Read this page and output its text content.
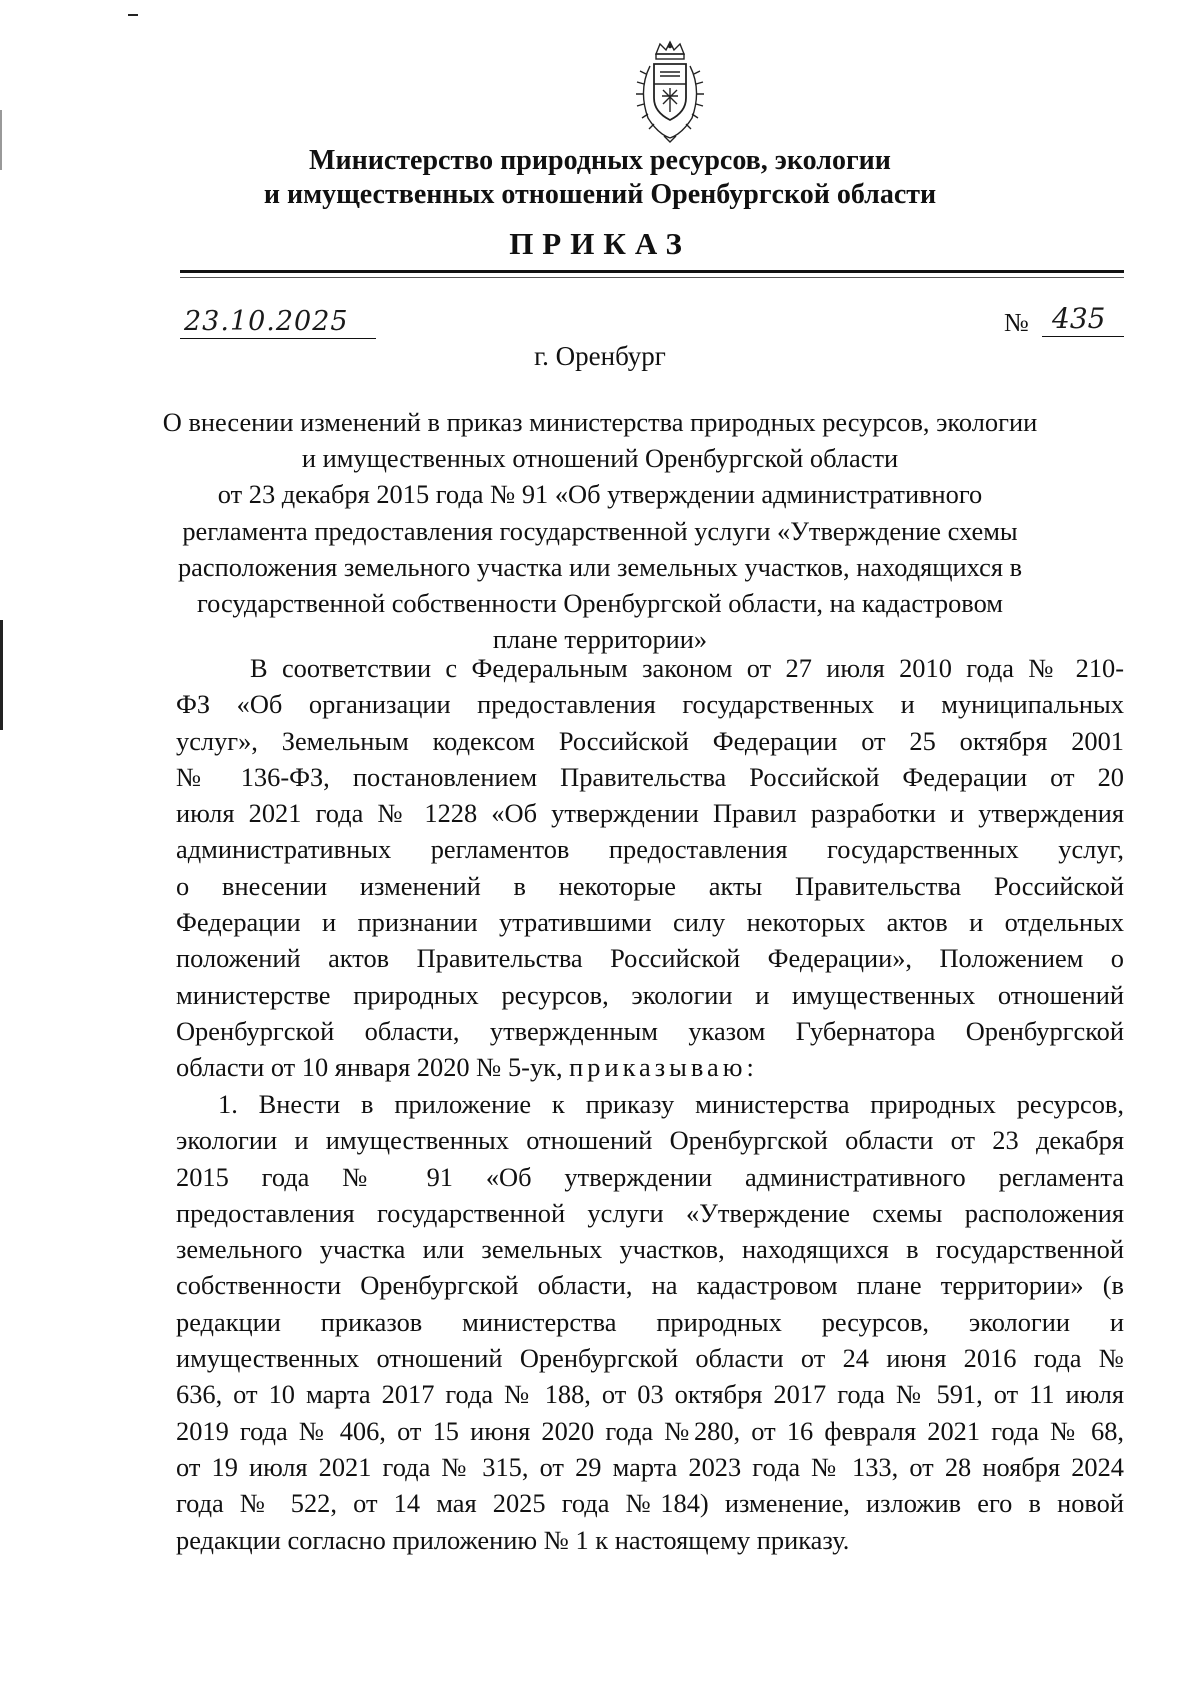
Министерство природных ресурсов, экологии
и имущественных отношений Оренбургской области
ПРИКАЗ
23.10.2025	№ 435
г. Оренбург
О внесении изменений в приказ министерства природных ресурсов, экологии
и имущественных отношений Оренбургской области
от 23 декабря 2015 года № 91 «Об утверждении административного
регламента предоставления государственной услуги «Утверждение схемы
расположения земельного участка или земельных участков, находящихся в
государственной собственности Оренбургской области, на кадастровом
плане территории»
В соответствии с Федеральным законом от 27 июля 2010 года № 210-
ФЗ «Об организации предоставления государственных и муниципальных
услуг», Земельным кодексом Российской Федерации от 25 октября 2001
№ 136-ФЗ, постановлением Правительства Российской Федерации от 20
июля 2021 года № 1228 «Об утверждении Правил разработки и утверждения
административных регламентов предоставления государственных услуг,
о внесении изменений в некоторые акты Правительства Российской
Федерации и признании утратившими силу некоторых актов и отдельных
положений актов Правительства Российской Федерации», Положением о
министерстве природных ресурсов, экологии и имущественных отношений
Оренбургской области, утвержденным указом Губернатора Оренбургской
области от 10 января 2020 № 5-ук, приказываю:
1. Внести в приложение к приказу министерства природных ресурсов,
экологии и имущественных отношений Оренбургской области от 23 декабря
2015 года № 91 «Об утверждении административного регламента
предоставления государственной услуги «Утверждение схемы расположения
земельного участка или земельных участков, находящихся в государственной
собственности Оренбургской области, на кадастровом плане территории» (в
редакции приказов министерства природных ресурсов, экологии и
имущественных отношений Оренбургской области от 24 июня 2016 года №
636, от 10 марта 2017 года № 188, от 03 октября 2017 года № 591, от 11 июля
2019 года № 406, от 15 июня 2020 года №280, от 16 февраля 2021 года № 68,
от 19 июля 2021 года № 315, от 29 марта 2023 года № 133, от 28 ноября 2024
года № 522, от 14 мая 2025 года №184) изменение, изложив его в новой
редакции согласно приложению № 1 к настоящему приказу.
